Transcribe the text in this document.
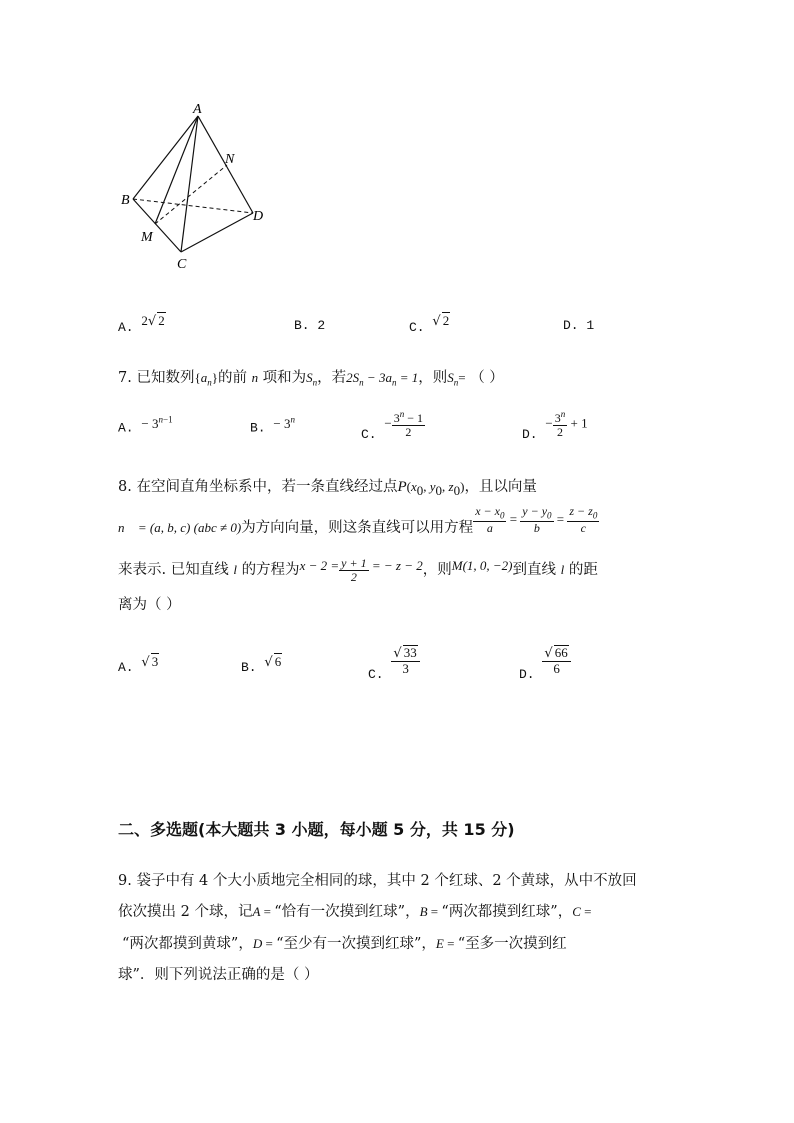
A
N
B
D
M
C
A. 2√ 2	B. 2	C. √ 2	D. 1
7. 已知数列$\{a_n\}$的前 n 项和为$S_n$，若$2S_n - 3a_n = 1$，则$S_n=$ （ ）
A. − $3^{n-1}$
B. − $3^n$
C. − $\frac{3^n - 1}{2}$	D. − $\frac{3^n}{2} + 1$
8. 在空间直角坐标系中，若一条直线经过点$P(x_0$, $y_0$, $z_0$)，且以向量
n⃗ = (a, b, c) (abc ≠ 0)为方向向量，则这条直线可以用方程 $\frac{x - x_0}{a} = \frac{y - y_0}{b} = \frac{z - z_0}{c}$
来表示. 已知直线 l 的方程为$x - 2 = \frac{y + 1}{2}$ = − z − 2，则M(1, 0, −2)到直线 l 的距
离为（ ）
A. √ 3	B. √ 6
C. $\frac{√ 33}{3}$	D. $\frac{√ 66}{6}$
二、多选题(本大题共 3 小题，每小题 5 分，共 15 分)
9. 袋子中有 4 个大小质地完全相同的球，其中 2 个红球、2 个黄球，从中不放回
依次摸出 2 个球，记A = “恰有一次摸到红球”，B = “两次都摸到红球”，C =
“两次都摸到黄球”，D = “至少有一次摸到红球”，E = “至多一次摸到红
球”．则下列说法正确的是（ ）
